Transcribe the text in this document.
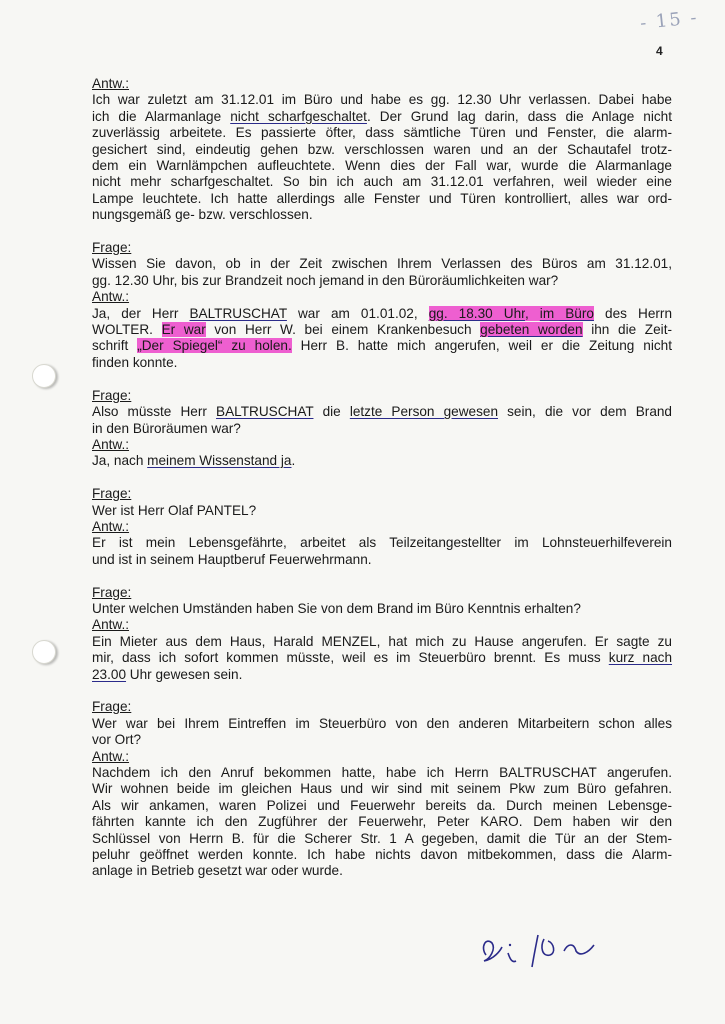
- 15 -
4
Antw.:
Ich war zuletzt am 31.12.01 im Büro und habe es gg. 12.30 Uhr verlassen. Dabei habe
ich die Alarmanlage nicht scharfgeschaltet. Der Grund lag darin, dass die Anlage nicht
zuverlässig arbeitete. Es passierte öfter, dass sämtliche Türen und Fenster, die alarm-
gesichert sind, eindeutig gehen bzw. verschlossen waren und an der Schautafel trotz-
dem ein Warnlämpchen aufleuchtete. Wenn dies der Fall war, wurde die Alarmanlage
nicht mehr scharfgeschaltet. So bin ich auch am 31.12.01 verfahren, weil wieder eine
Lampe leuchtete. Ich hatte allerdings alle Fenster und Türen kontrolliert, alles war ord-
nungsgemäß ge- bzw. verschlossen.
Frage:
Wissen Sie davon, ob in der Zeit zwischen Ihrem Verlassen des Büros am 31.12.01,
gg. 12.30 Uhr, bis zur Brandzeit noch jemand in den Büroräumlichkeiten war?
Antw.:
Ja, der Herr BALTRUSCHAT war am 01.01.02, gg. 18.30 Uhr, im Büro des Herrn
WOLTER. Er war von Herr W. bei einem Krankenbesuch gebeten worden ihn die Zeit-
schrift „Der Spiegel“ zu holen. Herr B. hatte mich angerufen, weil er die Zeitung nicht
finden konnte.
Frage:
Also müsste Herr BALTRUSCHAT die letzte Person gewesen sein, die vor dem Brand
in den Büroräumen war?
Antw.:
Ja, nach meinem Wissenstand ja.
Frage:
Wer ist Herr Olaf PANTEL?
Antw.:
Er ist mein Lebensgefährte, arbeitet als Teilzeitangestellter im Lohnsteuerhilfeverein
und ist in seinem Hauptberuf Feuerwehrmann.
Frage:
Unter welchen Umständen haben Sie von dem Brand im Büro Kenntnis erhalten?
Antw.:
Ein Mieter aus dem Haus, Harald MENZEL, hat mich zu Hause angerufen. Er sagte zu
mir, dass ich sofort kommen müsste, weil es im Steuerbüro brennt. Es muss kurz nach
23.00 Uhr gewesen sein.
Frage:
Wer war bei Ihrem Eintreffen im Steuerbüro von den anderen Mitarbeitern schon alles
vor Ort?
Antw.:
Nachdem ich den Anruf bekommen hatte, habe ich Herrn BALTRUSCHAT angerufen.
Wir wohnen beide im gleichen Haus und wir sind mit seinem Pkw zum Büro gefahren.
Als wir ankamen, waren Polizei und Feuerwehr bereits da. Durch meinen Lebensge-
fährten kannte ich den Zugführer der Feuerwehr, Peter KARO. Dem haben wir den
Schlüssel von Herrn B. für die Scherer Str. 1 A gegeben, damit die Tür an der Stem-
peluhr geöffnet werden konnte. Ich habe nichts davon mitbekommen, dass die Alarm-
anlage in Betrieb gesetzt war oder wurde.
